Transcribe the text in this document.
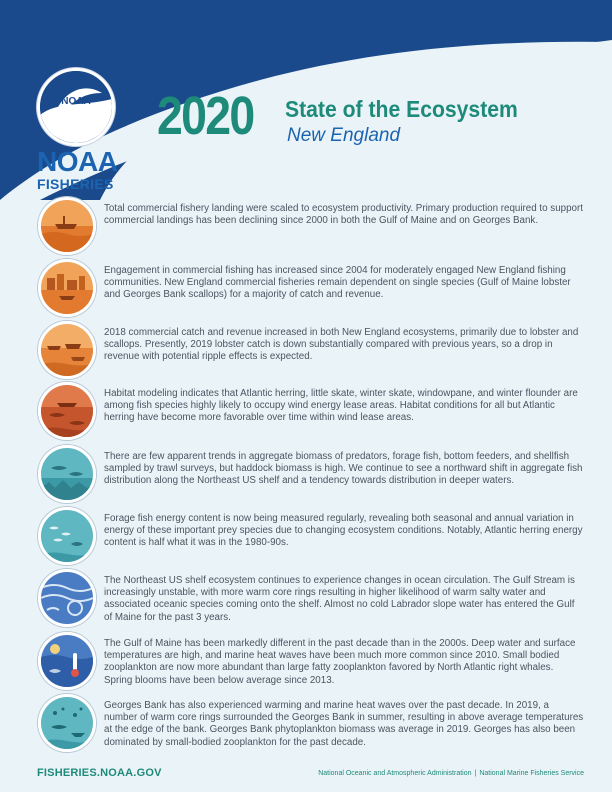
NOAA
NOAA
FISHERIES
2020 State of the Ecosystem
New England
Total commercial fishery landing were scaled to ecosystem productivity. Primary production required to support commercial landings has been declining since 2000 in both the Gulf of Maine and on Georges Bank.
Engagement in commercial fishing has increased since 2004 for moderately engaged New England fishing communities. New England commercial fisheries remain dependent on single species (Gulf of Maine lobster and Georges Bank scallops) for a majority of catch and revenue.
2018 commercial catch and revenue increased in both New England ecosystems, primarily due to lobster and scallops. Presently, 2019 lobster catch is down substantially compared with previous years, so a drop in revenue with potential ripple effects is expected.
Habitat modeling indicates that Atlantic herring, little skate, winter skate, windowpane, and winter flounder are among fish species highly likely to occupy wind energy lease areas. Habitat conditions for all but Atlantic herring have become more favorable over time within wind lease areas.
There are few apparent trends in aggregate biomass of predators, forage fish, bottom feeders, and shellfish sampled by trawl surveys, but haddock biomass is high. We continue to see a northward shift in aggregate fish distribution along the Northeast US shelf and a tendency towards distribution in deeper waters.
Forage fish energy content is now being measured regularly, revealing both seasonal and annual variation in energy of these important prey species due to changing ecosystem conditions. Notably, Atlantic herring energy content is half what it was in the 1980-90s.
The Northeast US shelf ecosystem continues to experience changes in ocean circulation. The Gulf Stream is increasingly unstable, with more warm core rings resulting in higher likelihood of warm salty water and associated oceanic species coming onto the shelf. Almost no cold Labrador slope water has entered the Gulf of Maine for the past 3 years.
The Gulf of Maine has been markedly different in the past decade than in the 2000s. Deep water and surface temperatures are high, and marine heat waves have been much more common since 2010. Small bodied zooplankton are now more abundant than large fatty zooplankton favored by North Atlantic right whales. Spring blooms have been below average since 2013.
Georges Bank has also experienced warming and marine heat waves over the past decade. In 2019, a number of warm core rings surrounded the Georges Bank in summer, resulting in above average temperatures at the edge of the bank. Georges Bank phytoplankton biomass was average in 2019. Georges has also been dominated by small-bodied zooplankton for the past decade.
FISHERIES.NOAA.GOV	National Oceanic and Atmospheric Administration | National Marine Fisheries Service
